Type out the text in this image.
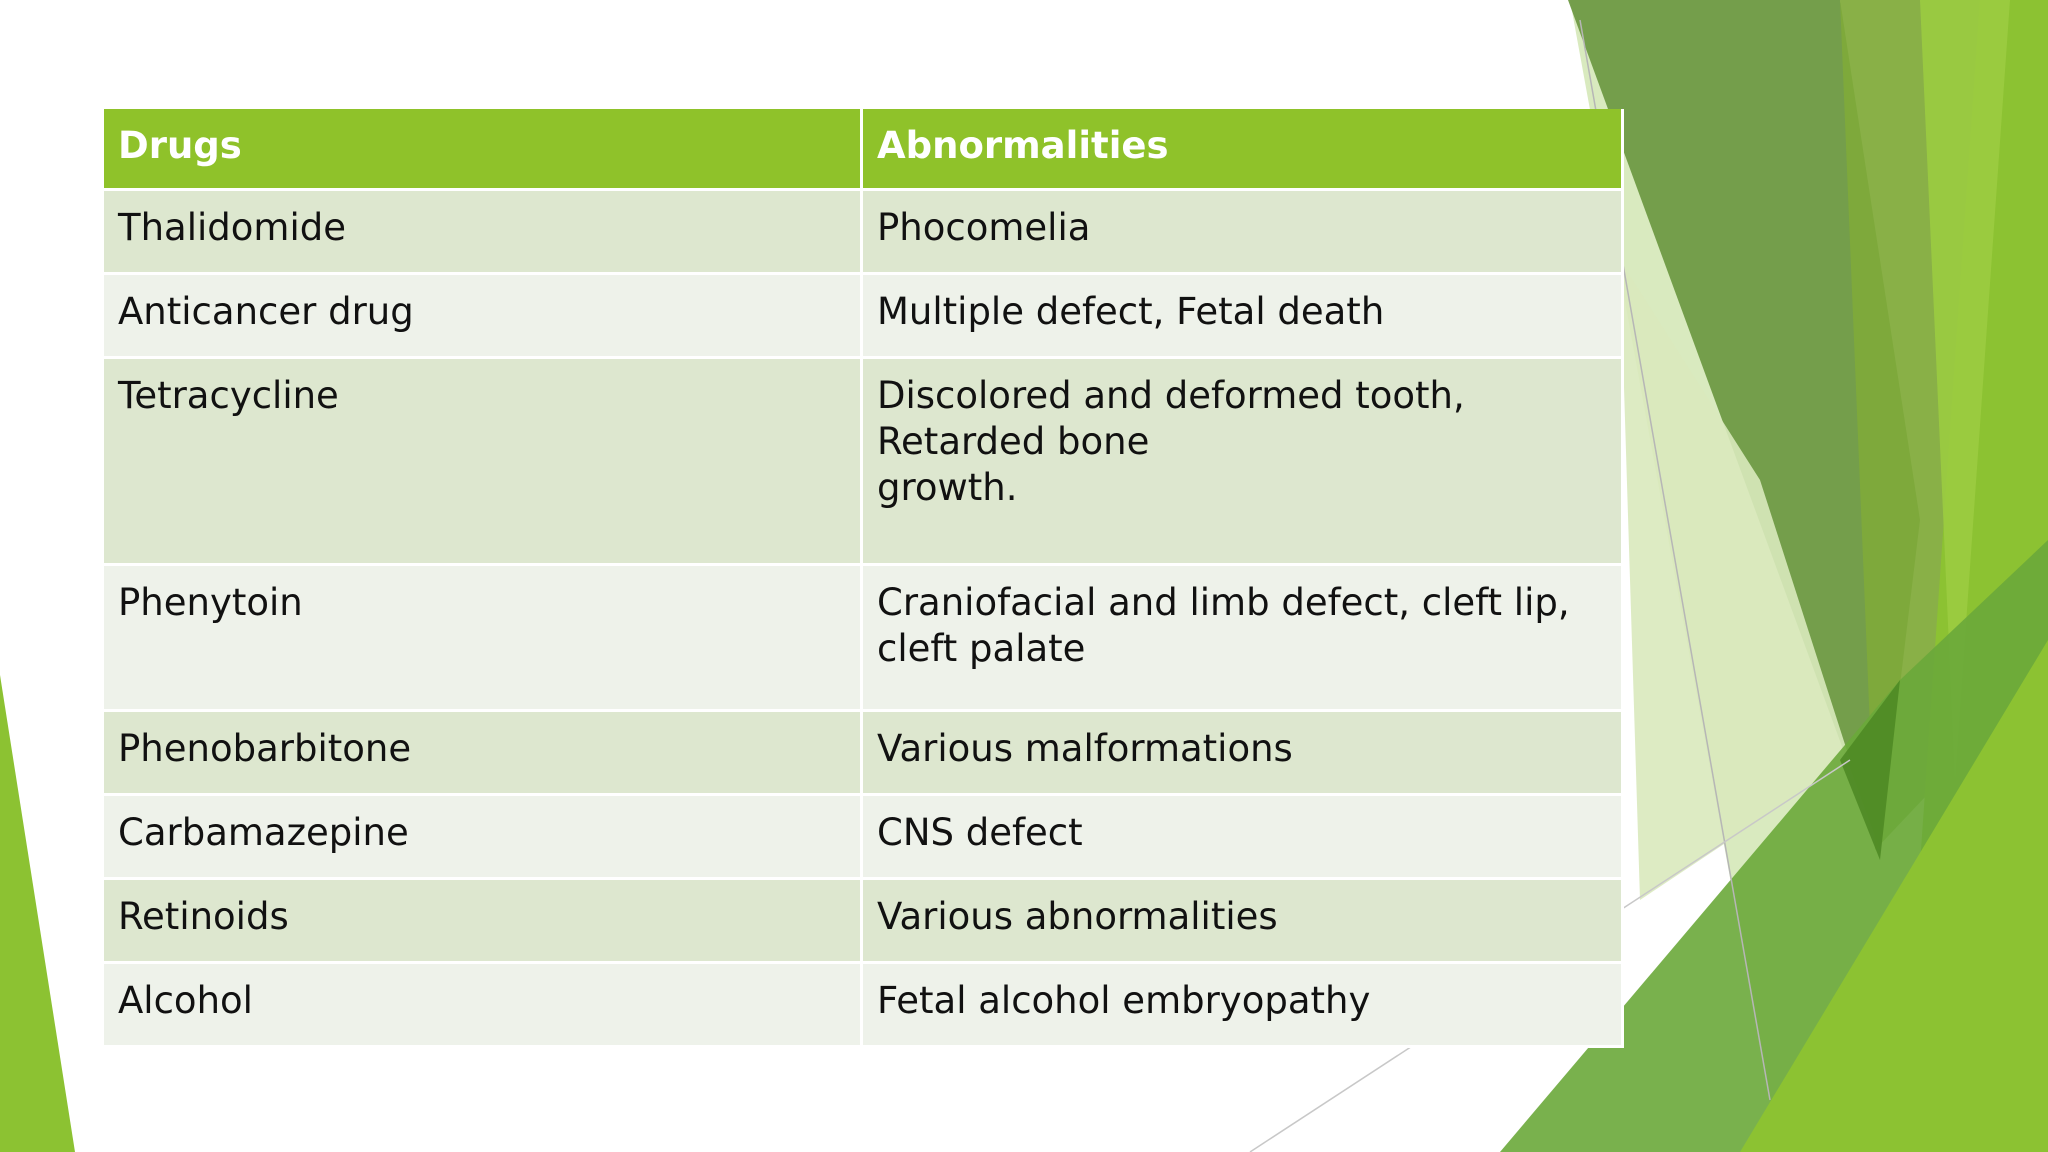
Drugs	Abnormalities
Thalidomide	Phocomelia
Anticancer drug	Multiple defect, Fetal death
Tetracycline	Discolored and deformed tooth, Retarded bone
growth.
Phenytoin	Craniofacial and limb defect, cleft lip,
cleft palate
Phenobarbitone	Various malformations
Carbamazepine	CNS defect
Retinoids	Various abnormalities
Alcohol	Fetal alcohol embryopathy
